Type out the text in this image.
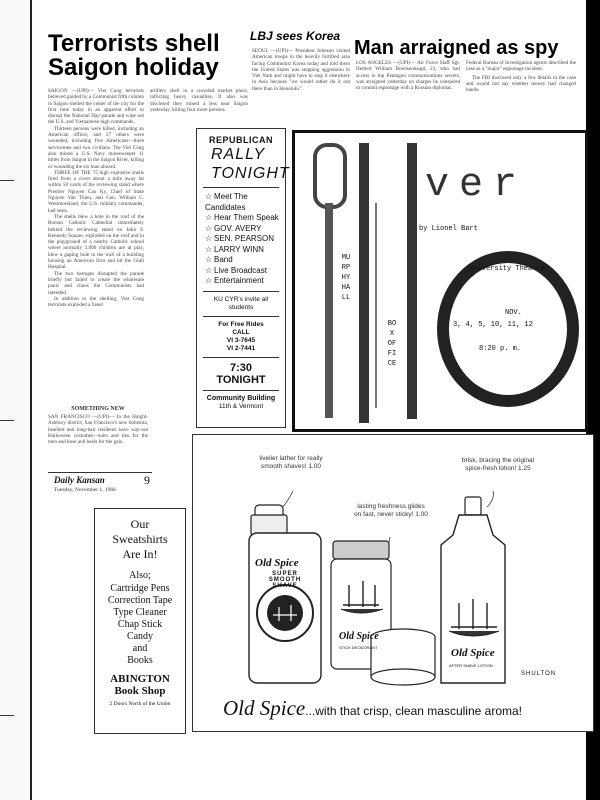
Terrorists shell Saigon holiday
LBJ sees Korea
Man arraigned as spy

SAIGON —(UPI)— Viet Cong terrorists believed guided by a Communist fifth column in Saigon shelled the center of the city for the first time today in an apparent effort to disrupt the National Day parade and wipe out the U.S. and Vietnamese high commands.

Thirteen persons were killed, including an American officer, and 27 others were wounded, including five Americans—three servicemen and two civilians. The Viet Cong also mined a U.S. Navy minesweeper 11 miles from Saigon in the Saigon River, killing or wounding the six man aboard.

THREE OF THE 75 high explosive shells fired from a cover about a mile away hit within 50 yards of the reviewing stand where Premier Nguyen Cao Ky, Chief of State Nguyen Van Thieu, and Gen. William C. Westmoreland, the U.S. military commander, had seats.

The shells blew a hole in the roof of the Roman Catholic Cathedral immediately behind the reviewing stand on John F. Kennedy Square, exploded on the roof and in the playground of a nearby Catholic school where normally 3,000 children are at play, blew a gaping hole in the wall of a building housing an American firm and hit the Grall Hospital.

The two barrages disrupted the parade briefly but failed to create the wholesale panic and chaos the Communists had intended.

In addition to the shelling, Viet Cong terrorists exploded a fused

artillery shell in a crowded market place, inflicting heavy casualties. It also was disclosed they mined a less near Saigon yesterday, killing four more persons.

SEOUL —(UPI)— President Johnson visited American troops in the heavily fortified area facing Communist Korea today and told them the United States was stopping aggression in Viet Nam and might have to stop it elsewhere in Asia because "we would rather do it out there than in Honolulu."

LOS ANGELES —(UPI)— Air Force Staff Sgt. Herbert William Boeckenhaupt, 23, who had access to top Pentagon communications secrets, was arraigned yesterday on charges he conspired to commit espionage with a Russian diplomat.

Federal Bureau of Investigation agents described the case as a "major" espionage incident.

The FBI disclosed only a few details in the case and would not say whether money had changed hands.

SOMETHING NEW

SAN FRANCISCO —(UPI)— In the Haight-Ashbury district, San Francisco's new bohemia, bearded and long-hair residents have way-out Halloween costumes—suits and ties for the men and hose and heels for the gals.

Daily Kansan	9
Tuesday, November 1, 1966
REPUBLICAN
RALLY
TONIGHT
☆ Meet The Candidates
☆ Hear Them Speak
☆ GOV. AVERY
☆ SEN. PEARSON
☆ LARRY WINN
☆ Band
☆ Live Broadcast
☆ Entertainment
KU CYR's invite all students
For Free Rides CALL
VI 3-7645
VI 2-7441
7:30
TONIGHT
Community Building
11th & Vermont
ver
by Lionel Bart
MURPHY HALL
BOX OFFICE
University Theatre
NOV.
3, 4, 5, 10, 11, 12
8:20 p. m.
Our
Sweatshirts
Are In!
Also;
Cartridge Pens
Correction Tape
Type Cleaner
Chap Stick
Candy
and
Books
ABINGTON
Book Shop
2 Doors North of the Union
livelier lather for really smooth shaves! 1.00
lasting freshness glides on fast, never sticky! 1.00
brisk, bracing the original spice-fresh lotion! 1.25
Old Spice
SUPER SMOOTH SHAVE
Old Spice
STICK DEODORANT	Old Spice
AFTER SHAVE LOTION
SHULTON
Old Spice...with that crisp, clean masculine aroma!
